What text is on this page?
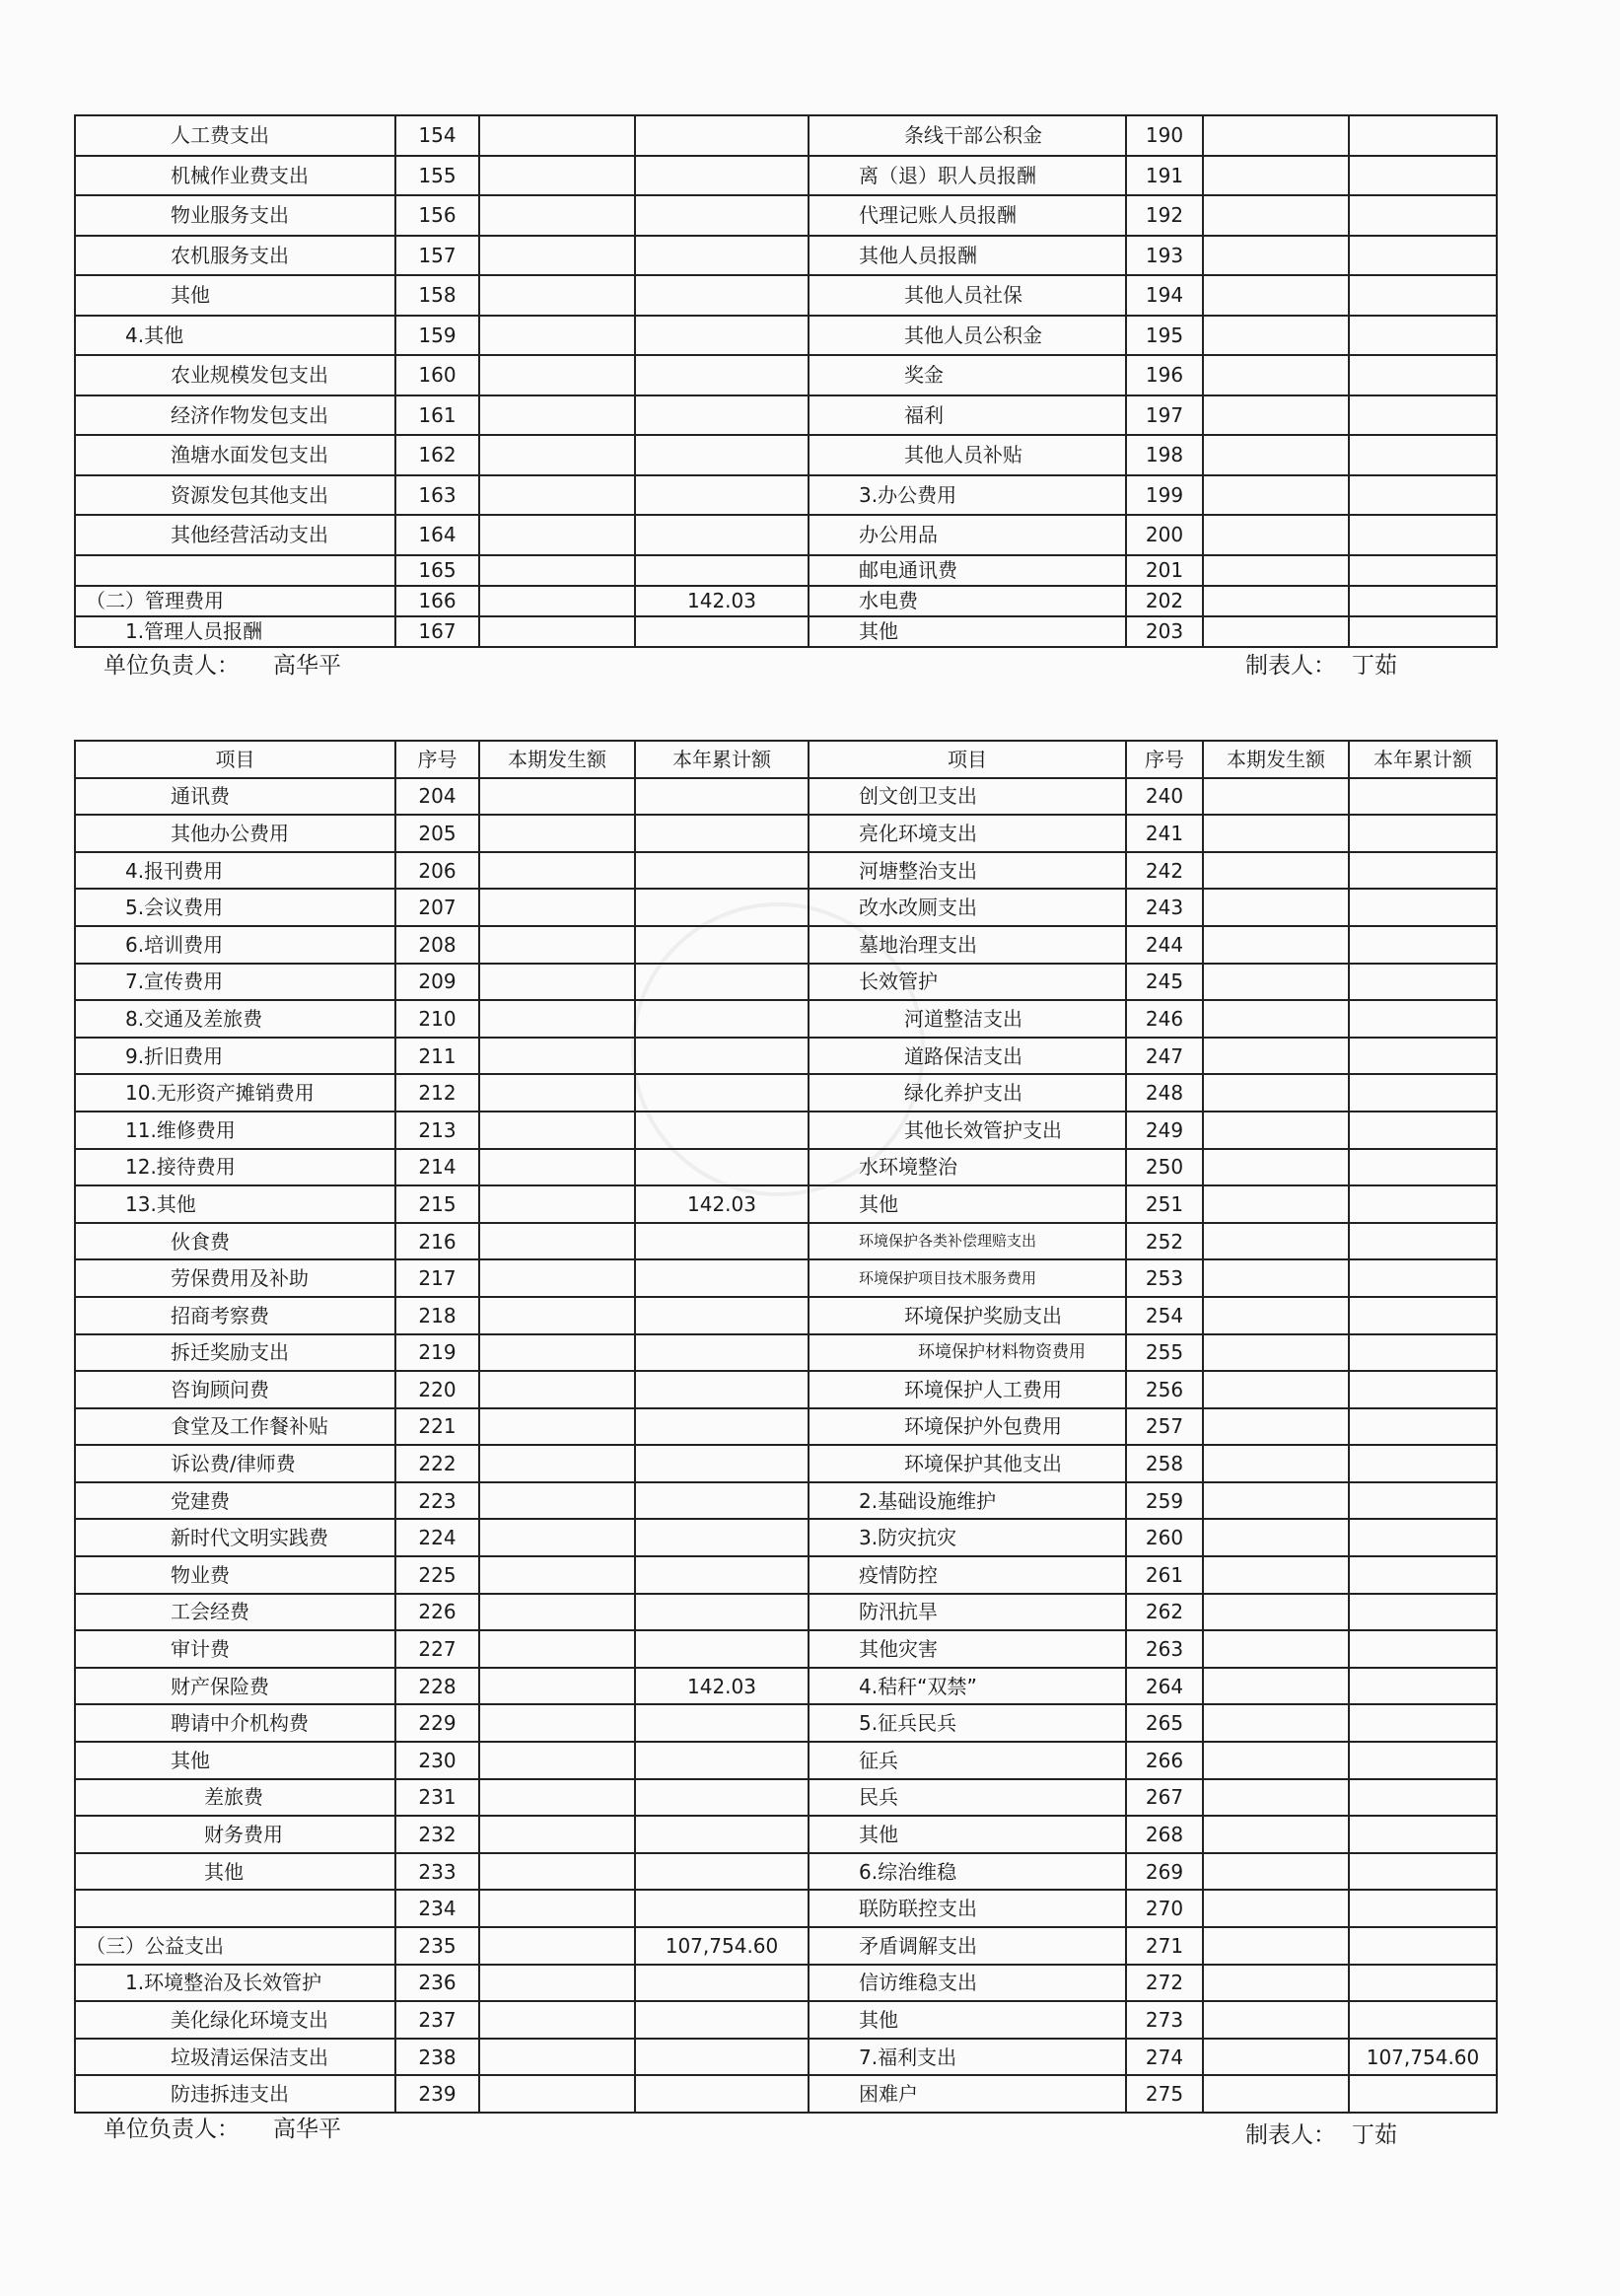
人工费支出	154			条线干部公积金	190		
机械作业费支出	155			离（退）职人员报酬	191		
物业服务支出	156			代理记账人员报酬	192		
农机服务支出	157			其他人员报酬	193		
其他	158			其他人员社保	194		
4.其他	159			其他人员公积金	195		
农业规模发包支出	160			奖金	196		
经济作物发包支出	161			福利	197		
渔塘水面发包支出	162			其他人员补贴	198		
资源发包其他支出	163			3.办公费用	199		
其他经营活动支出	164			办公用品	200		
	165			邮电通讯费	201		
（二）管理费用	166		142.03	水电费	202		
1.管理人员报酬	167			其他	203		
单位负责人： 高华平	制表人： 丁茹
项目	序号	本期发生额	本年累计额	项目	序号	本期发生额	本年累计额
通讯费	204			创文创卫支出	240		
其他办公费用	205			亮化环境支出	241		
4.报刊费用	206			河塘整治支出	242		
5.会议费用	207			改水改厕支出	243		
6.培训费用	208			墓地治理支出	244		
7.宣传费用	209			长效管护	245		
8.交通及差旅费	210			河道整洁支出	246		
9.折旧费用	211			道路保洁支出	247		
10.无形资产摊销费用	212			绿化养护支出	248		
11.维修费用	213			其他长效管护支出	249		
12.接待费用	214			水环境整治	250		
13.其他	215		142.03	其他	251		
伙食费	216			环境保护各类补偿理赔支出	252		
劳保费用及补助	217			环境保护项目技术服务费用	253		
招商考察费	218			环境保护奖励支出	254		
拆迁奖励支出	219			环境保护材料物资费用	255		
咨询顾问费	220			环境保护人工费用	256		
食堂及工作餐补贴	221			环境保护外包费用	257		
诉讼费/律师费	222			环境保护其他支出	258		
党建费	223			2.基础设施维护	259		
新时代文明实践费	224			3.防灾抗灾	260		
物业费	225			疫情防控	261		
工会经费	226			防汛抗旱	262		
审计费	227			其他灾害	263		
财产保险费	228		142.03	4.秸秆“双禁”	264		
聘请中介机构费	229			5.征兵民兵	265		
其他	230			征兵	266		
差旅费	231			民兵	267		
财务费用	232			其他	268		
其他	233			6.综治维稳	269		
	234			联防联控支出	270		
（三）公益支出	235		107,754.60	矛盾调解支出	271		
1.环境整治及长效管护	236			信访维稳支出	272		
美化绿化环境支出	237			其他	273		
垃圾清运保洁支出	238			7.福利支出	274		107,754.60
防违拆违支出	239			困难户	275		
单位负责人： 高华平	制表人： 丁茹
